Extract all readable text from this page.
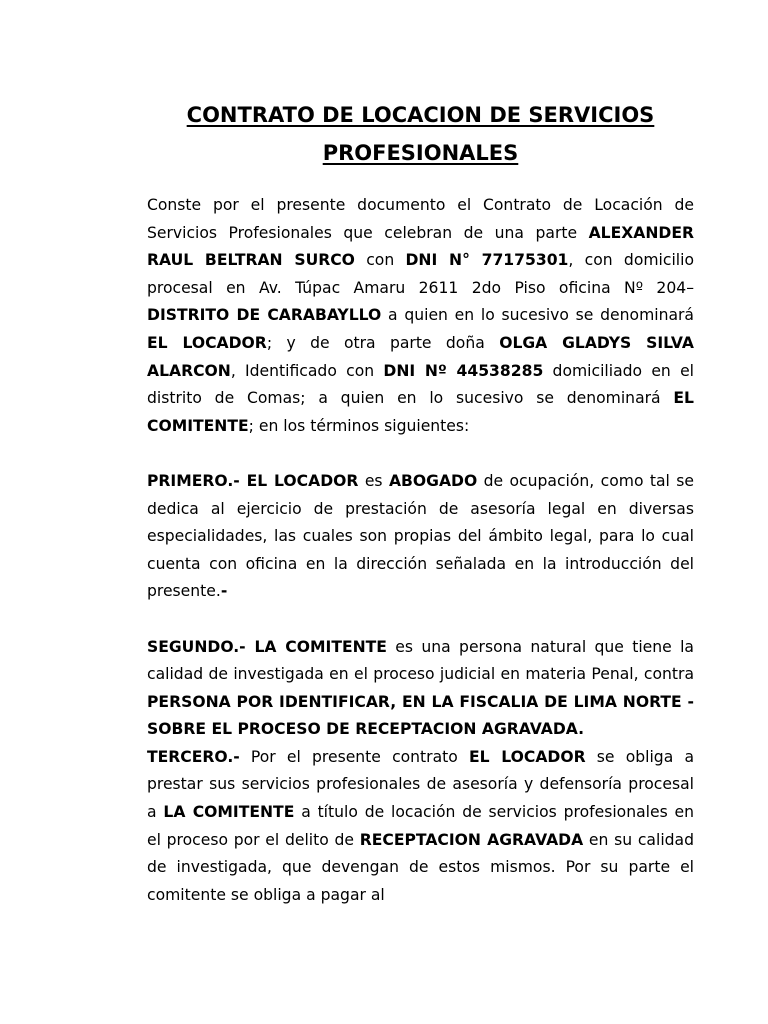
CONTRATO DE LOCACION DE SERVICIOS
PROFESIONALES

Conste por el presente documento el Contrato de Locación de Servicios Profesionales que celebran de una parte ALEXANDER RAUL BELTRAN SURCO con DNI N° 77175301, con domicilio procesal en Av. Túpac Amaru 2611 2do Piso oficina Nº 204– DISTRITO DE CARABAYLLO a quien en lo sucesivo se denominará EL LOCADOR; y de otra parte doña OLGA GLADYS SILVA ALARCON, Identificado con DNI Nº 44538285 domiciliado en el distrito de Comas; a quien en lo sucesivo se denominará EL COMITENTE; en los términos siguientes:

PRIMERO.- EL LOCADOR es ABOGADO de ocupación, como tal se dedica al ejercicio de prestación de asesoría legal en diversas especialidades, las cuales son propias del ámbito legal, para lo cual cuenta con oficina en la dirección señalada en la introducción del presente.-

SEGUNDO.- LA COMITENTE es una persona natural que tiene la calidad de investigada en el proceso judicial en materia Penal, contra PERSONA POR IDENTIFICAR, EN LA FISCALIA DE LIMA NORTE - SOBRE EL PROCESO DE RECEPTACION AGRAVADA.

TERCERO.- Por el presente contrato EL LOCADOR se obliga a prestar sus servicios profesionales de asesoría y defensoría procesal a LA COMITENTE a título de locación de servicios profesionales en el proceso por el delito de RECEPTACION AGRAVADA en su calidad de investigada, que devengan de estos mismos. Por su parte el comitente se obliga a pagar al
